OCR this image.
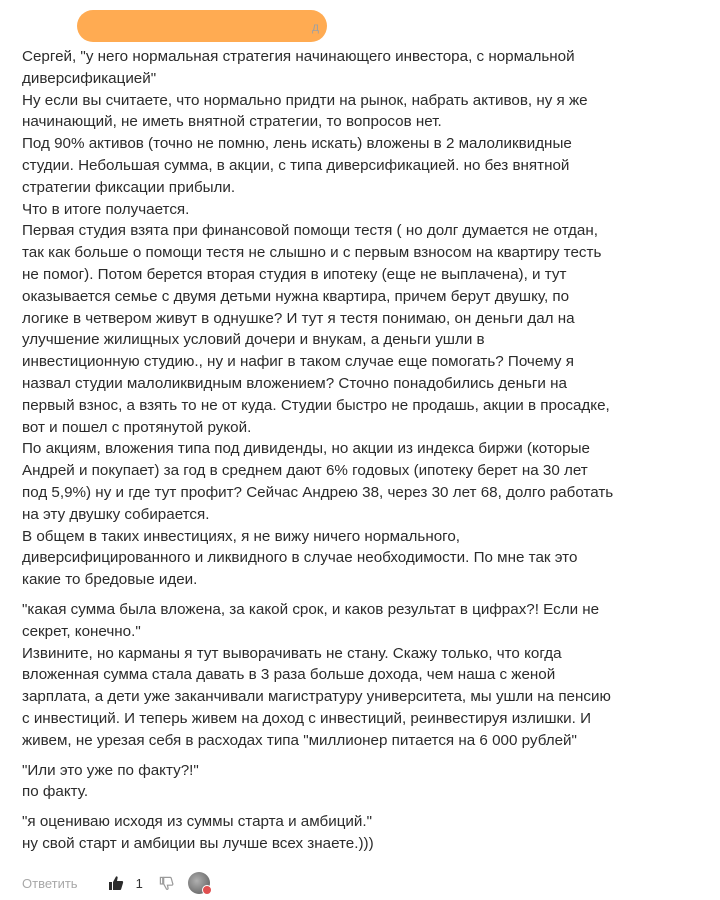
д

Сергей, "у него нормальная стратегия начинающего инвестора, с нормальной
диверсификацией"
Ну если вы считаете, что нормально придти на рынок, набрать активов, ну я же
начинающий, не иметь внятной стратегии, то вопросов нет.
Под 90% активов (точно не помню, лень искать) вложены в 2 малоликвидные
студии. Небольшая сумма, в акции, с типа диверсификацией. но без внятной
стратегии фиксации прибыли.
Что в итоге получается.
Первая студия взята при финансовой помощи тестя ( но долг думается не отдан,
так как больше о помощи тестя не слышно и с первым взносом на квартиру тесть
не помог). Потом берется вторая студия в ипотеку (еще не выплачена), и тут
оказывается семье с двумя детьми нужна квартира, причем берут двушку, по
логике в четвером живут в однушке? И тут я тестя понимаю, он деньги дал на
улучшение жилищных условий дочери и внукам, а деньги ушли в
инвестиционную студию., ну и нафиг в таком случае еще помогать? Почему я
назвал студии малоликвидным вложением? Сточно понадобились деньги на
первый взнос, а взять то не от куда. Студии быстро не продашь, акции в просадке,
вот и пошел с протянутой рукой.
По акциям, вложения типа под дивиденды, но акции из индекса биржи (которые
Андрей и покупает) за год в среднем дают 6% годовых (ипотеку берет на 30 лет
под 5,9%) ну и где тут профит? Сейчас Андрею 38, через 30 лет 68, долго работать
на эту двушку собирается.
В общем в таких инвестициях, я не вижу ничего нормального,
диверсифицированного и ликвидного в случае необходимости. По мне так это
какие то бредовые идеи.

"какая сумма была вложена, за какой срок, и каков результат в цифрах?! Если не
секрет, конечно."
Извините, но карманы я тут выворачивать не стану. Скажу только, что когда
вложенная сумма стала давать в 3 раза больше дохода, чем наша с женой
зарплата, а дети уже заканчивали магистратуру университета, мы ушли на пенсию
с инвестиций. И теперь живем на доход с инвестиций, реинвестируя излишки. И
живем, не урезая себя в расходах типа "миллионер питается на 6 000 рублей"

"Или это уже по факту?!"
по факту.

"я оцениваю исходя из суммы старта и амбиций."
ну свой старт и амбиции вы лучше всех знаете.)))

Ответить	1
